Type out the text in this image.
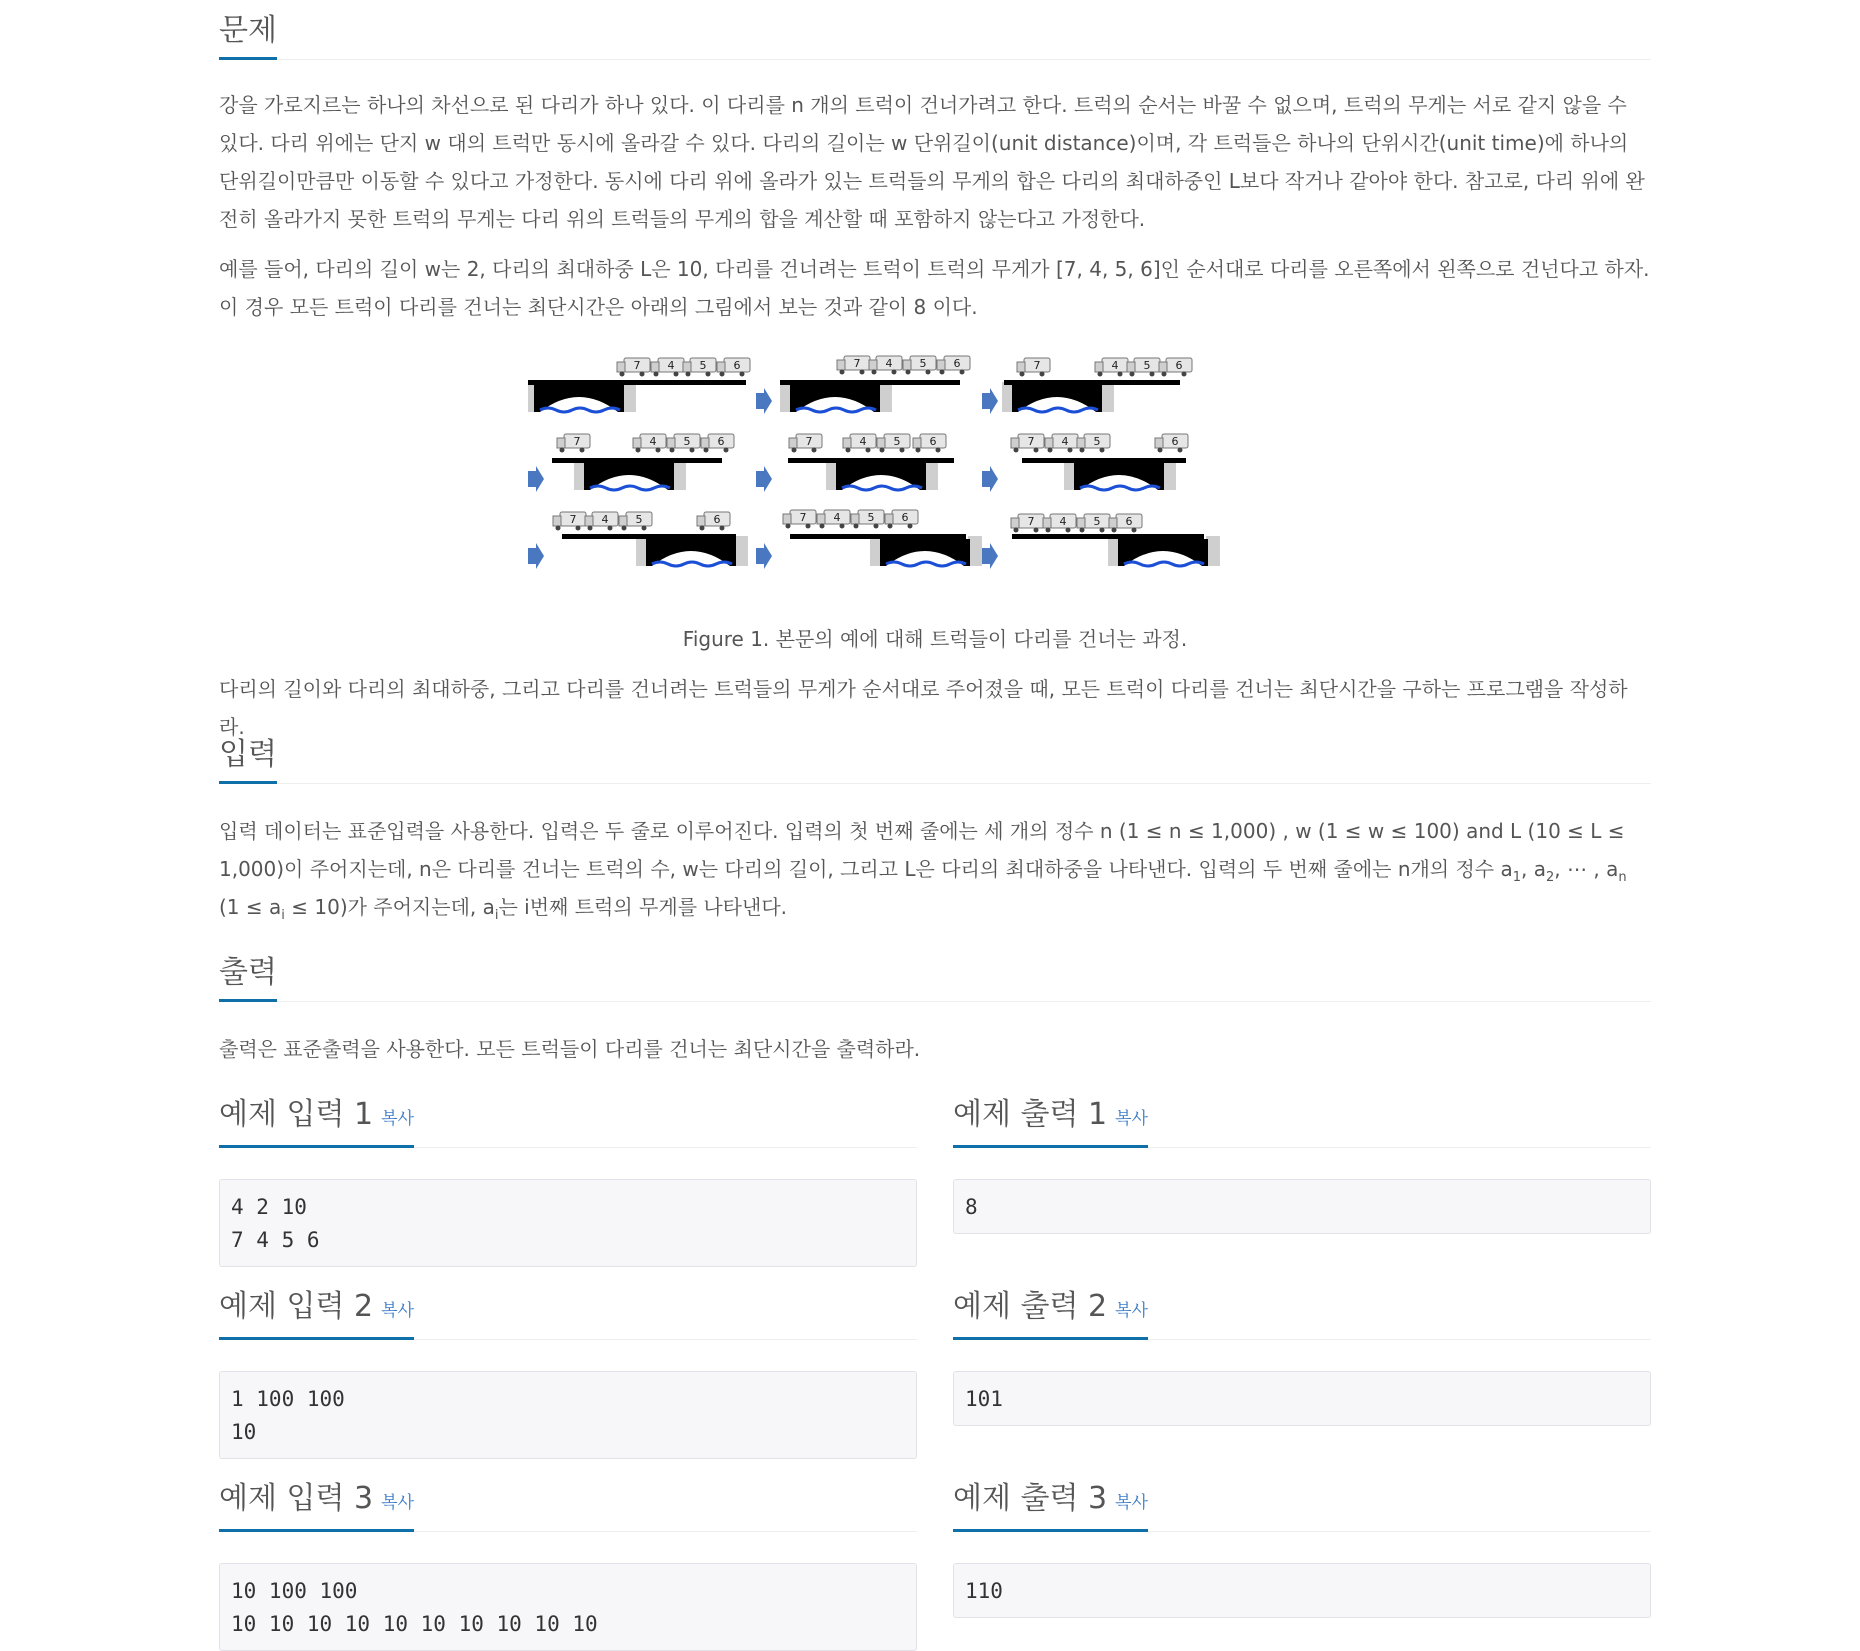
문제

강을 가로지르는 하나의 차선으로 된 다리가 하나 있다. 이 다리를 n 개의 트럭이 건너가려고 한다. 트럭의 순서는 바꿀 수 없으며, 트럭의 무게는 서로 같지 않을 수 있다. 다리 위에는 단지 w 대의 트럭만 동시에 올라갈 수 있다. 다리의 길이는 w 단위길이(unit distance)이며, 각 트럭들은 하나의 단위시간(unit time)에 하나의 단위길이만큼만 이동할 수 있다고 가정한다. 동시에 다리 위에 올라가 있는 트럭들의 무게의 합은 다리의 최대하중인 L보다 작거나 같아야 한다. 참고로, 다리 위에 완전히 올라가지 못한 트럭의 무게는 다리 위의 트럭들의 무게의 합을 계산할 때 포함하지 않는다고 가정한다.

예를 들어, 다리의 길이 w는 2, 다리의 최대하중 L은 10, 다리를 건너려는 트럭이 트럭의 무게가 [7, 4, 5, 6]인 순서대로 다리를 오른쪽에서 왼쪽으로 건넌다고 하자. 이 경우 모든 트럭이 다리를 건너는 최단시간은 아래의 그림에서 보는 것과 같이 8 이다.

7 4 5 6	7 4 5 6	7	4 5 6
7	4 5 6	7	4 5	6	7 4 5	6
7 4 5	6	7 4 5 6	7 4 5 6
Figure 1. 본문의 예에 대해 트럭들이 다리를 건너는 과정.

다리의 길이와 다리의 최대하중, 그리고 다리를 건너려는 트럭들의 무게가 순서대로 주어졌을 때, 모든 트럭이 다리를 건너는 최단시간을 구하는 프로그램을 작성하라.

입력

입력 데이터는 표준입력을 사용한다. 입력은 두 줄로 이루어진다. 입력의 첫 번째 줄에는 세 개의 정수 n (1 ≤ n ≤ 1,000) , w (1 ≤ w ≤ 100) and L (10 ≤ L ≤ 1,000)이 주어지는데, n은 다리를 건너는 트럭의 수, w는 다리의 길이, 그리고 L은 다리의 최대하중을 나타낸다. 입력의 두 번째 줄에는 n개의 정수 $a_1$, $a_2$, ⋯ , $a_n$ $(1 \le a_i \le 10)$가 주어지는데, $a_i$는 i번째 트럭의 무게를 나타낸다.

출력

출력은 표준출력을 사용한다. 모든 트럭들이 다리를 건너는 최단시간을 출력하라.

예제 입력 1 복사
4 2 10
7 4 5 6
예제 출력 1 복사
8
예제 입력 2 복사
1 100 100
10
예제 출력 2 복사
101
예제 입력 3 복사
10 100 100
10 10 10 10 10 10 10 10 10 10
예제 출력 3 복사
110
